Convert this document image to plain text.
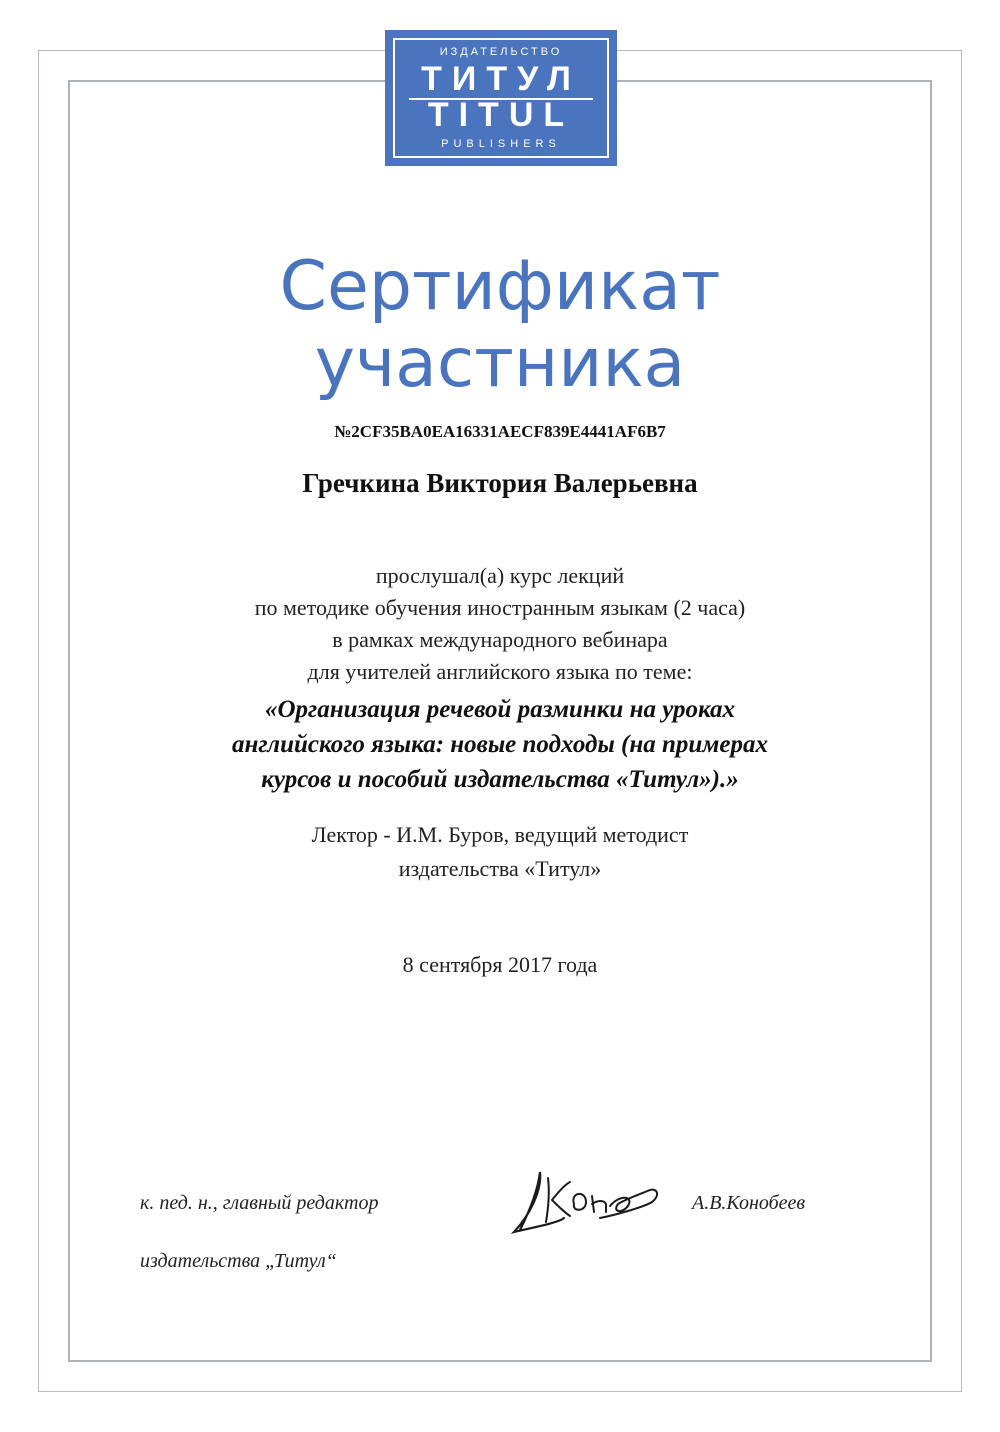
ИЗДАТЕЛЬСТВО
ТИТУЛ
TITUL
PUBLISHERS
Сертификат
участника
№2CF35BA0EA16331AECF839E4441AF6B7
Гречкина Виктория Валерьевна
прослушал(а) курс лекций
по методике обучения иностранным языкам (2 часа)
в рамках международного вебинара
для учителей английского языка по теме:
«Организация речевой разминки на уроках
английского языка: новые подходы (на примерах
курсов и пособий издательства «Титул»).»
Лектор - И.М. Буров, ведущий методист
издательства «Титул»
8 сентября 2017 года
к. пед. н., главный редактор
издательства „Титул“
А.В.Конобеев
